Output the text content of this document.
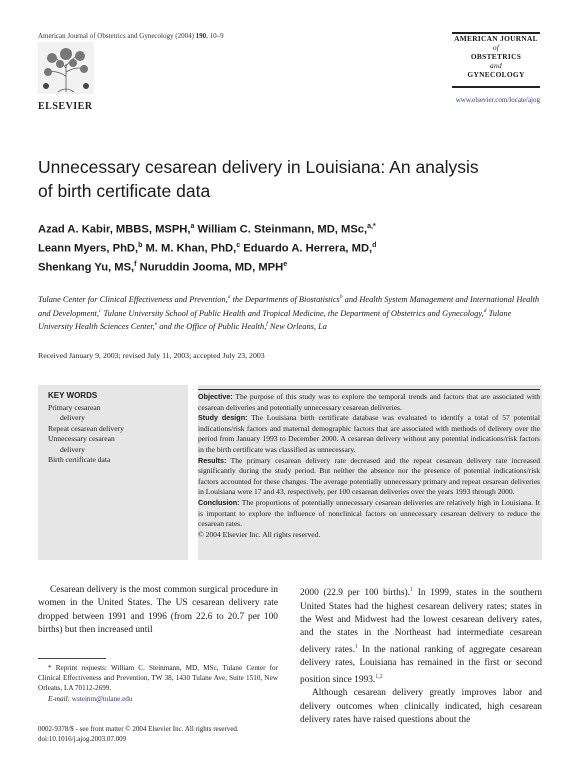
American Journal of Obstetrics and Gynecology (2004) 190, 10–9
ELSEVIER
AMERICAN JOURNAL
of
OBSTETRICS
and
GYNECOLOGY
www.elsevier.com/locate/ajog
Unnecessary cesarean delivery in Louisiana: An analysis
of birth certificate data
Azad A. Kabir, MBBS, MSPH,$^a$ William C. Steinmann, MD, MSc,$^{a,*}$
Leann Myers, PhD,$^b$ M. M. Khan, PhD,$^c$ Eduardo A. Herrera, MD,$^d$
Shenkang Yu, MS,$^f$ Nuruddin Jooma, MD, MPH$^e$
Tulane Center for Clinical Effectiveness and Prevention,$^a$ the Departments of Biostatistics$^b$ and Health System Management and International Health and Development,$^c$ Tulane University School of Public Health and Tropical Medicine, the Department of Obstetrics and Gynecology,$^d$ Tulane University Health Sciences Center,$^e$ and the Office of Public Health,$^f$ New Orleans, La
Received January 9, 2003; revised July 11, 2003; accepted July 23, 2003
KEY WORDS
Primary cesarean
delivery
Repeat cesarean delivery
Unnecessary cesarean
delivery
Birth certificate data

Objective: The purpose of this study was to explore the temporal trends and factors that are associated with cesarean deliveries and potentially unnecessary cesarean deliveries.

Study design: The Louisiana birth certificate database was evaluated to identify a total of 57 potential indications/risk factors and maternal demographic factors that are associated with methods of delivery over the period from January 1993 to December 2000. A cesarean delivery without any potential indications/risk factors in the birth certificate was classified as unnecessary.

Results: The primary cesarean delivery rate decreased and the repeat cesarean delivery rate increased significantly during the study period. But neither the absence nor the presence of potential indications/risk factors accounted for these changes. The average potentially unnecessary primary and repeat cesarean deliveries in Louisiana were 17 and 43, respectively, per 100 cesarean deliveries over the years 1993 through 2000.

Conclusion: The proportions of potentially unnecessary cesarean deliveries are relatively high in Louisiana. It is important to explore the influence of nonclinical factors on unnecessary cesarean delivery to reduce the cesarean rates.

© 2004 Elsevier Inc. All rights reserved.

Cesarean delivery is the most common surgical procedure in women in the United States. The US cesarean delivery rate dropped between 1991 and 1996 (from 22.6 to 20.7 per 100 births) but then increased until

2000 (22.9 per 100 births).$^1$ In 1999, states in the southern United States had the highest cesarean delivery rates; states in the West and Midwest had the lowest cesarean delivery rates, and the states in the Northeast had intermediate cesarean delivery rates.$^1$ In the national ranking of aggregate cesarean delivery rates, Louisiana has remained in the first or second position since 1993.$^{1,2}$

Although cesarean delivery greatly improves labor and delivery outcomes when clinically indicated, high cesarean delivery rates have raised questions about the

* Reprint requests: William C. Steinmann, MD, MSc, Tulane Center for Clinical Effectiveness and Prevention, TW 38, 1430 Tulane Ave, Suite 1510, New Orleans, LA 70112-2699.

E-mail: wsteinm@tulane.edu

0002-9378/$ - see front matter © 2004 Elsevier Inc. All rights reserved.
doi:10.1016/j.ajog.2003.07.009
